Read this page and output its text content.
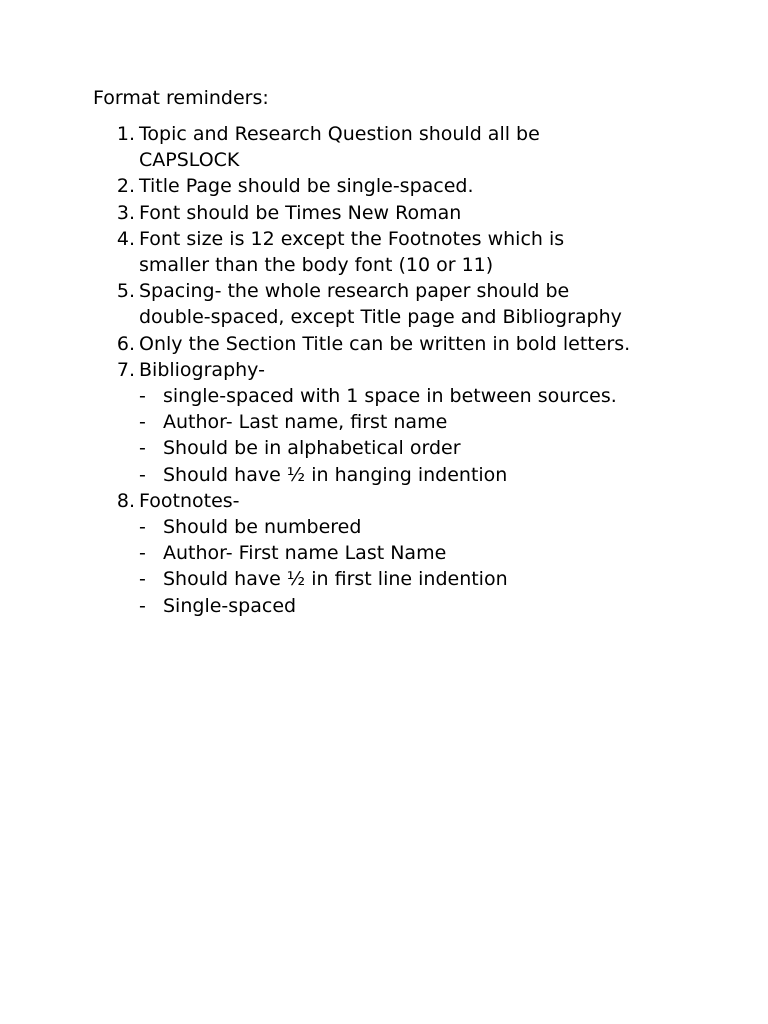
Format reminders:
1. Topic and Research Question should all be
CAPSLOCK
2. Title Page should be single-spaced.
3. Font should be Times New Roman
4. Font size is 12 except the Footnotes which is
smaller than the body font (10 or 11)
5. Spacing- the whole research paper should be
double-spaced, except Title page and Bibliography
6. Only the Section Title can be written in bold letters.
7. Bibliography-
- single-spaced with 1 space in between sources.
- Author- Last name, first name
- Should be in alphabetical order
- Should have ½ in hanging indention
8. Footnotes-
- Should be numbered
- Author- First name Last Name
- Should have ½ in first line indention
- Single-spaced
